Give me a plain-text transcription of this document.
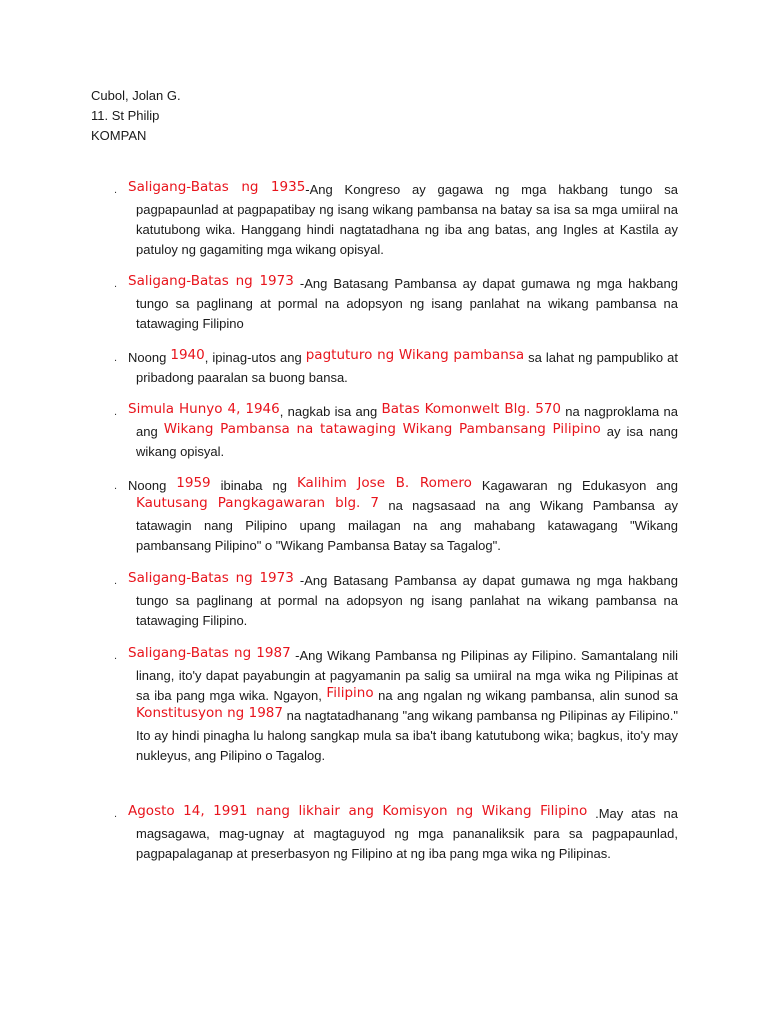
Cubol, Jolan G.
11. St Philip
KOMPAN
. Saligang-Batas ng 1935-Ang Kongreso ay gagawa ng mga hakbang tungo sa pagpapaunlad at pagpapatibay ng isang wikang pambansa na batay sa isa sa mga umiiral na katutubong wika. Hanggang hindi nagtatadhana ng iba ang batas, ang Ingles at Kastila ay patuloy ng gagamiting mga wikang opisyal.
. Saligang-Batas ng 1973 -Ang Batasang Pambansa ay dapat gumawa ng mga hakbang tungo sa paglinang at pormal na adopsyon ng isang panlahat na wikang pambansa na tatawaging Filipino
. Noong 1940, ipinag-utos ang pagtuturo ng Wikang pambansa sa lahat ng pampubliko at pribadong paaralan sa buong bansa.
. Simula Hunyo 4, 1946, nagkab isa ang Batas Komonwelt Blg. 570 na nagproklama na ang Wikang Pambansa na tatawaging Wikang Pambansang Pilipino ay isa nang wikang opisyal.
. Noong 1959 ibinaba ng Kalihim Jose B. Romero Kagawaran ng Edukasyon ang Kautusang Pangkagawaran blg. 7 na nagsasaad na ang Wikang Pambansa ay tatawagin nang Pilipino upang mailagan na ang mahabang katawagang "Wikang pambansang Pilipino" o "Wikang Pambansa Batay sa Tagalog".
. Saligang-Batas ng 1973 -Ang Batasang Pambansa ay dapat gumawa ng mga hakbang tungo sa paglinang at pormal na adopsyon ng isang panlahat na wikang pambansa na tatawaging Filipino.
. Saligang-Batas ng 1987 -Ang Wikang Pambansa ng Pilipinas ay Filipino. Samantalang nili linang, ito'y dapat payabungin at pagyamanin pa salig sa umiiral na mga wika ng Pilipinas at sa iba pang mga wika. Ngayon, Filipino na ang ngalan ng wikang pambansa, alin sunod sa Konstitusyon ng 1987 na nagtatadhanang "ang wikang pambansa ng Pilipinas ay Filipino." Ito ay hindi pinagha lu halong sangkap mula sa iba't ibang katutubong wika; bagkus, ito'y may nukleyus, ang Pilipino o Tagalog.
. Agosto 14, 1991 nang likhair ang Komisyon ng Wikang Filipino .May atas na magsagawa, mag-ugnay at magtaguyod ng mga pananaliksik para sa pagpapaunlad, pagpapalaganap at preserbasyon ng Filipino at ng iba pang mga wika ng Pilipinas.
